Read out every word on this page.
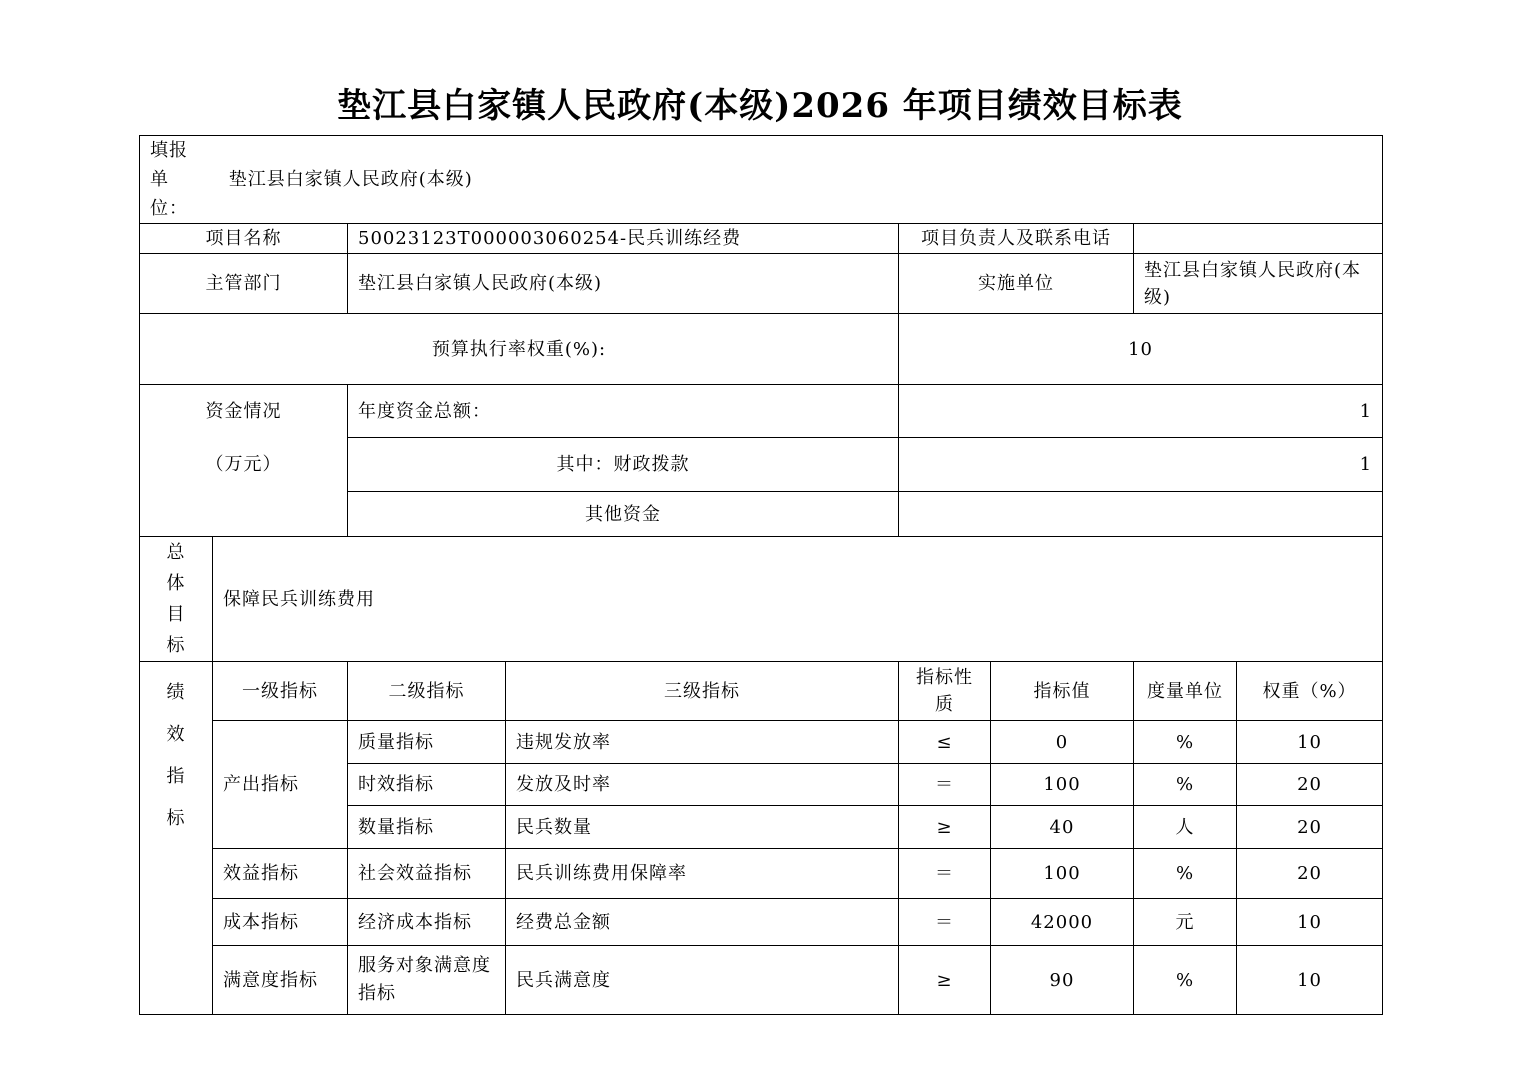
垫江县白家镇人民政府(本级)2026 年项目绩效目标表
填报单位： 垫江县白家镇人民政府(本级)							
项目名称		50023123T000003060254-民兵训练经费		项目负责人及联系电话			
主管部门		垫江县白家镇人民政府(本级)		实施单位		垫江县白家镇人民政府(本级)	
预算执行率权重(%):				10			

资金情况
（万元）		年度资金总额：		1			
		其中：财政拨款		1			
		其他资金					

总
体
目
标	保障民兵训练费用						

绩
效
指
标	一级指标	二级指标	三级指标	指标性质	指标值	度量单位	权重（%）
	产出指标	质量指标	违规发放率	≤	0	%	10
		时效指标	发放及时率	＝	100	%	20
		数量指标	民兵数量	≥	40	人	20
	效益指标	社会效益指标	民兵训练费用保障率	＝	100	%	20
	成本指标	经济成本指标	经费总金额	＝	42000	元	10
	满意度指标	服务对象满意度指标	民兵满意度	≥	90	%	10
